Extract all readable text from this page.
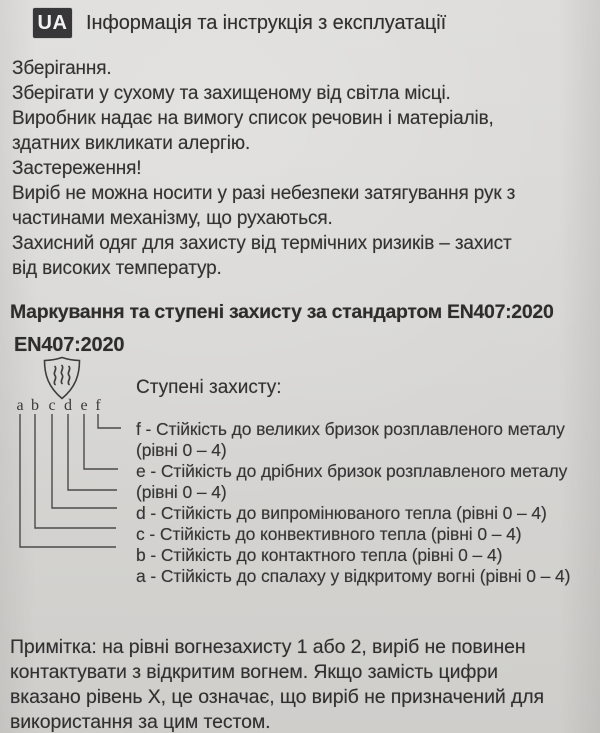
UA Інформація та інструкція з експлуатації
Зберігання.
Зберігати у сухому та захищеному від світла місці.
Виробник надає на вимогу список речовин і матеріалів,
здатних викликати алергію.
Застереження!
Виріб не можна носити у разі небезпеки затягування рук з
частинами механізму, що рухаються.
Захисний одяг для захисту від термічних ризиків – захист
від високих температур.
Маркування та ступені захисту за стандартом EN407:2020
EN407:2020
Ступені захисту:
a b c d e f
f - Стійкість до великих бризок розплавленого металу
(рівні 0 – 4)
e - Стійкість до дрібних бризок розплавленого металу
(рівні 0 – 4)
d - Стійкість до випромінюваного тепла (рівні 0 – 4)
c - Стійкість до конвективного тепла (рівні 0 – 4)
b - Стійкість до контактного тепла (рівні 0 – 4)
a - Стійкість до спалаху у відкритому вогні (рівні 0 – 4)
Примітка: на рівні вогнезахисту 1 або 2, виріб не повинен
контактувати з відкритим вогнем. Якщо замість цифри
вказано рівень X, це означає, що виріб не призначений для
використання за цим тестом.
